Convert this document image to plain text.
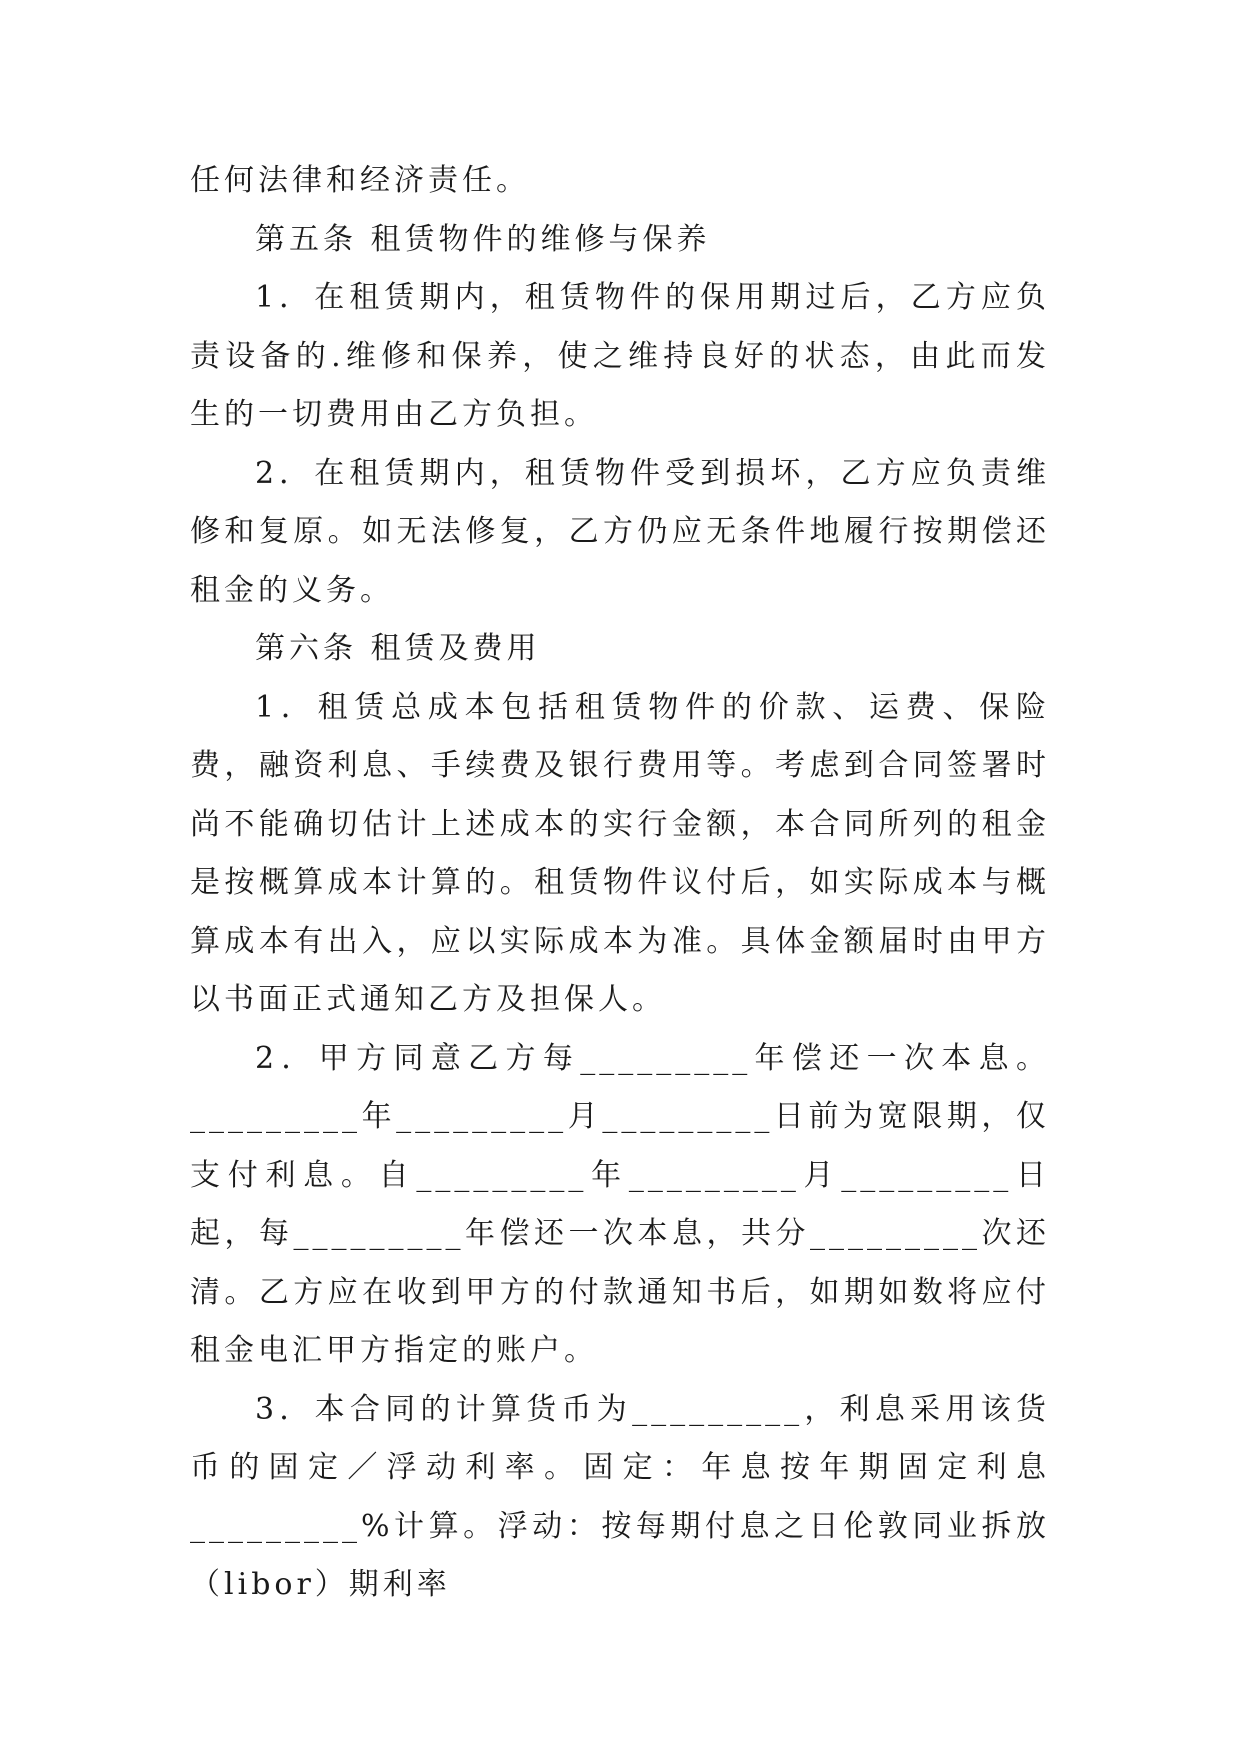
任何法律和经济责任。

第五条 租赁物件的维修与保养

1．在租赁期内，租赁物件的保用期过后，乙方应负责设备的.维修和保养，使之维持良好的状态，由此而发生的一切费用由乙方负担。

2．在租赁期内，租赁物件受到损坏，乙方应负责维修和复原。如无法修复，乙方仍应无条件地履行按期偿还租金的义务。

第六条 租赁及费用

1．租赁总成本包括租赁物件的价款、运费、保险费，融资利息、手续费及银行费用等。考虑到合同签署时尚不能确切估计上述成本的实行金额，本合同所列的租金是按概算成本计算的。租赁物件议付后，如实际成本与概算成本有出入，应以实际成本为准。具体金额届时由甲方以书面正式通知乙方及担保人。

2．甲方同意乙方每_________年偿还一次本息。_________年_________月_________日前为宽限期，仅支付利息。自_________年_________月_________日起，每_________年偿还一次本息，共分_________次还清。乙方应在收到甲方的付款通知书后，如期如数将应付租金电汇甲方指定的账户。

3．本合同的计算货币为_________，利息采用该货币的固定／浮动利率。固定：年息按年期固定利息_________%计算。浮动：按每期付息之日伦敦同业拆放（libor）期利率
